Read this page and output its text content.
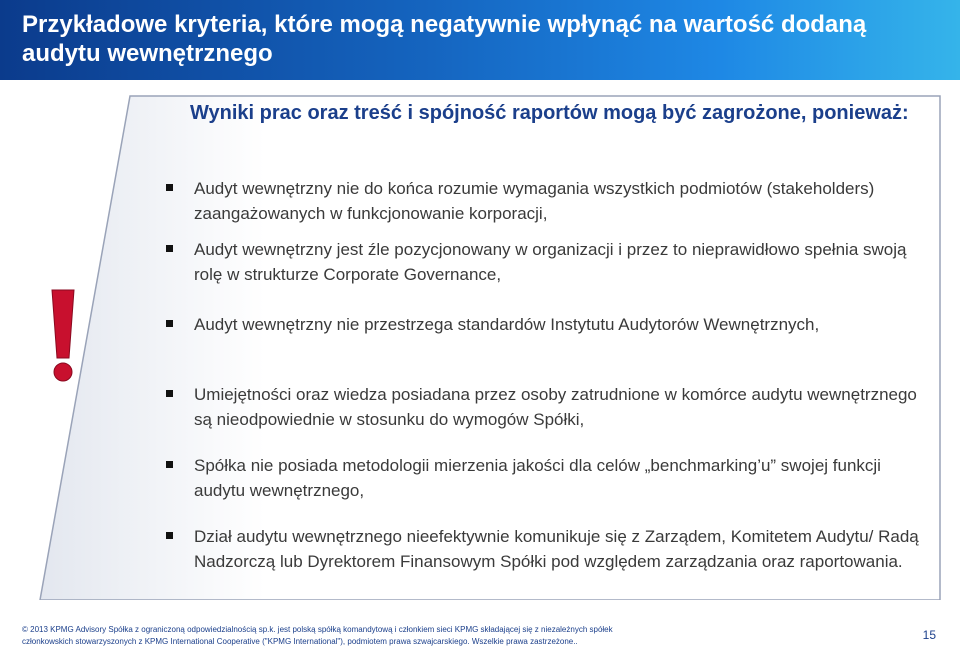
Przykładowe kryteria, które mogą negatywnie wpłynąć na wartość dodaną audytu wewnętrznego
Wyniki prac oraz treść i spójność raportów mogą być zagrożone, ponieważ:
Audyt wewnętrzny nie do końca rozumie wymagania wszystkich podmiotów (stakeholders) zaangażowanych w funkcjonowanie korporacji,
Audyt wewnętrzny jest źle pozycjonowany w organizacji i przez to nieprawidłowo spełnia swoją rolę w strukturze Corporate Governance,
Audyt wewnętrzny nie przestrzega standardów Instytutu Audytorów Wewnętrznych,
Umiejętności oraz wiedza posiadana przez osoby zatrudnione w komórce audytu wewnętrznego są nieodpowiednie w stosunku do wymogów Spółki,
Spółka nie posiada metodologii mierzenia jakości dla celów „benchmarking’u” swojej funkcji audytu wewnętrznego,
Dział audytu wewnętrznego nieefektywnie komunikuje się z Zarządem, Komitetem Audytu/ Radą Nadzorczą lub Dyrektorem Finansowym Spółki pod względem zarządzania oraz raportowania.
© 2013 KPMG Advisory Spółka z ograniczoną odpowiedzialnością sp.k. jest polską spółką komandytową i członkiem sieci KPMG składającej się z niezależnych spółek
członkowskich stowarzyszonych z KPMG International Cooperative ("KPMG International"), podmiotem prawa szwajcarskiego. Wszelkie prawa zastrzeżone..	15
